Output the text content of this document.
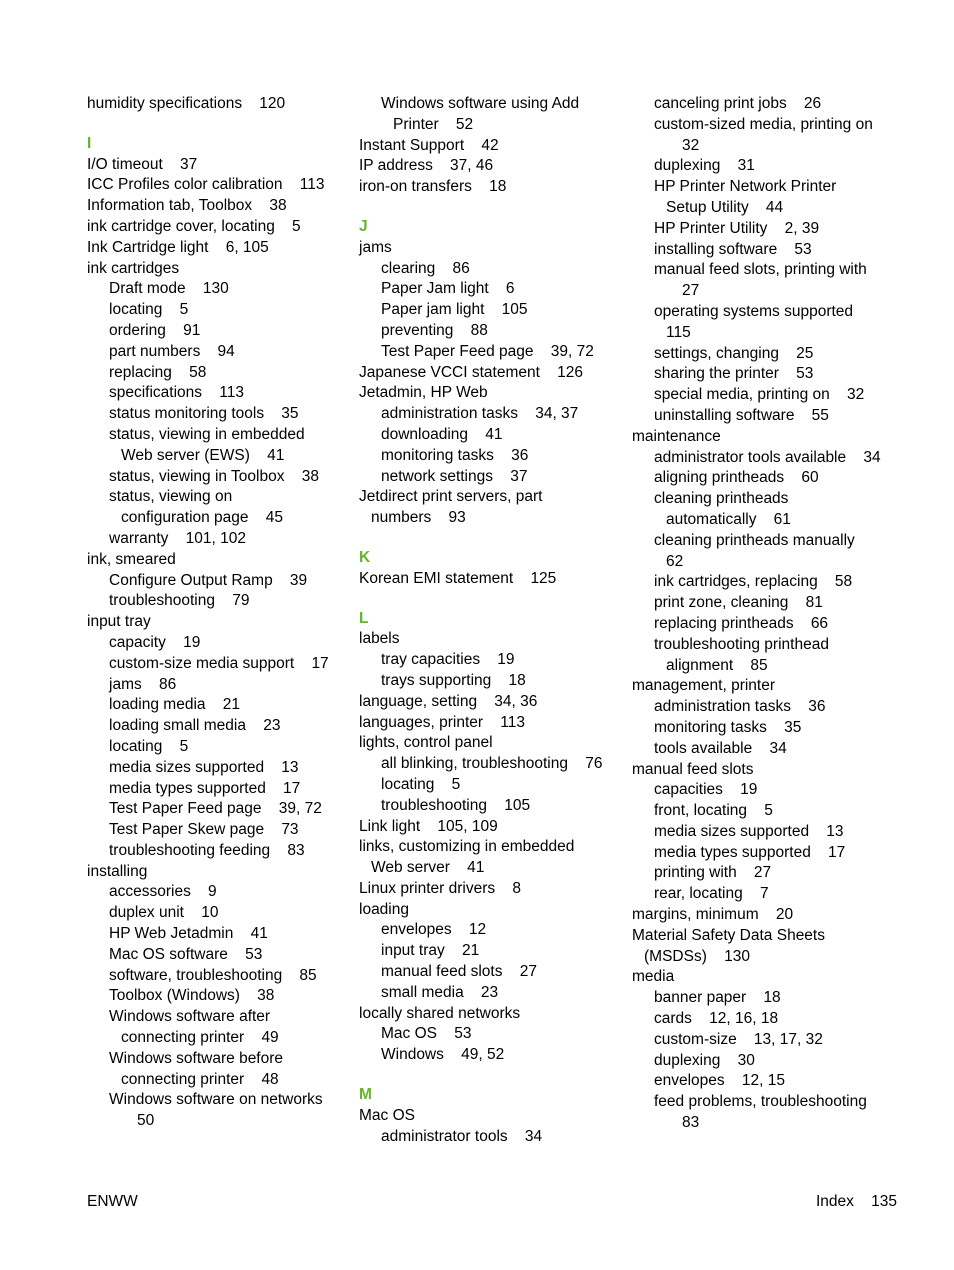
humidity specifications    120
I
I/O timeout    37
ICC Profiles color calibration    113
Information tab, Toolbox    38
ink cartridge cover, locating    5
Ink Cartridge light    6, 105
ink cartridges
Draft mode    130
locating    5
ordering    91
part numbers    94
replacing    58
specifications    113
status monitoring tools    35
status, viewing in embedded
Web server (EWS)    41
status, viewing in Toolbox    38
status, viewing on
configuration page    45
warranty    101, 102
ink, smeared
Configure Output Ramp    39
troubleshooting    79
input tray
capacity    19
custom-size media support    17
jams    86
loading media    21
loading small media    23
locating    5
media sizes supported    13
media types supported    17
Test Paper Feed page    39, 72
Test Paper Skew page    73
troubleshooting feeding    83
installing
accessories    9
duplex unit    10
HP Web Jetadmin    41
Mac OS software    53
software, troubleshooting    85
Toolbox (Windows)    38
Windows software after
connecting printer    49
Windows software before
connecting printer    48
Windows software on networks
50
Windows software using Add
Printer    52
Instant Support    42
IP address    37, 46
iron-on transfers    18
J
jams
clearing    86
Paper Jam light    6
Paper jam light    105
preventing    88
Test Paper Feed page    39, 72
Japanese VCCI statement    126
Jetadmin, HP Web
administration tasks    34, 37
downloading    41
monitoring tasks    36
network settings    37
Jetdirect print servers, part
numbers    93
K
Korean EMI statement    125
L
labels
tray capacities    19
trays supporting    18
language, setting    34, 36
languages, printer    113
lights, control panel
all blinking, troubleshooting    76
locating    5
troubleshooting    105
Link light    105, 109
links, customizing in embedded
Web server    41
Linux printer drivers    8
loading
envelopes    12
input tray    21
manual feed slots    27
small media    23
locally shared networks
Mac OS    53
Windows    49, 52
M
Mac OS
administrator tools    34
canceling print jobs    26
custom-sized media, printing on
32
duplexing    31
HP Printer Network Printer
Setup Utility    44
HP Printer Utility    2, 39
installing software    53
manual feed slots, printing with
27
operating systems supported
115
settings, changing    25
sharing the printer    53
special media, printing on    32
uninstalling software    55
maintenance
administrator tools available    34
aligning printheads    60
cleaning printheads
automatically    61
cleaning printheads manually
62
ink cartridges, replacing    58
print zone, cleaning    81
replacing printheads    66
troubleshooting printhead
alignment    85
management, printer
administration tasks    36
monitoring tasks    35
tools available    34
manual feed slots
capacities    19
front, locating    5
media sizes supported    13
media types supported    17
printing with    27
rear, locating    7
margins, minimum    20
Material Safety Data Sheets
(MSDSs)    130
media
banner paper    18
cards    12, 16, 18
custom-size    13, 17, 32
duplexing    30
envelopes    12, 15
feed problems, troubleshooting
83
ENWW	Index    135
